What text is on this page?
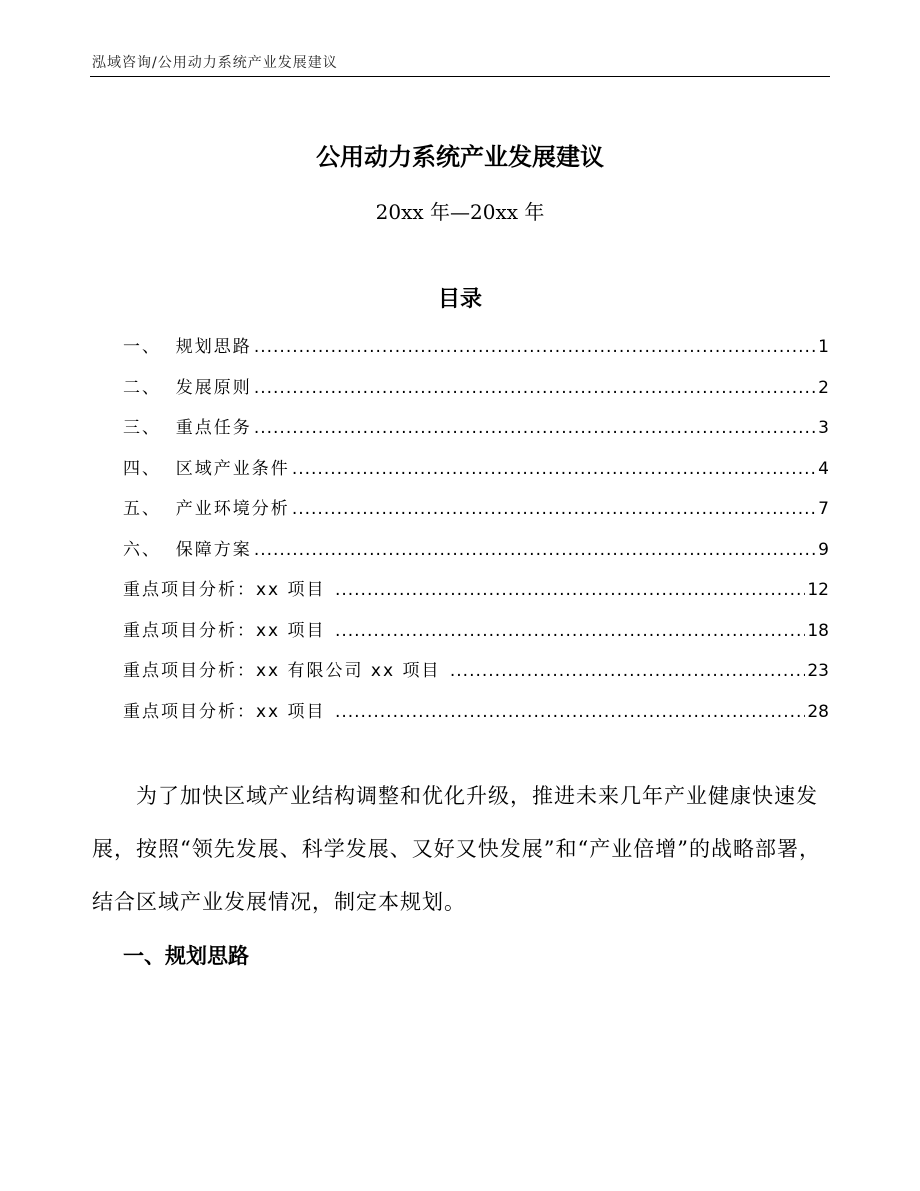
泓域咨询/公用动力系统产业发展建议
公用动力系统产业发展建议
20xx 年—20xx 年
目录
一、  规划思路 .....	1
二、  发展原则 .....	2
三、  重点任务 .....	3
四、  区域产业条件 .....	4
五、  产业环境分析 .....	7
六、  保障方案 .....	9
重点项目分析：xx 项目 .....	12
重点项目分析：xx 项目 .....	18
重点项目分析：xx 有限公司 xx 项目 .....	23
重点项目分析：xx 项目 .....	28
为了加快区域产业结构调整和优化升级，推进未来几年产业健康快速发展，按照“领先发展、科学发展、又好又快发展”和“产业倍增”的战略部署，结合区域产业发展情况，制定本规划。
一、规划思路
